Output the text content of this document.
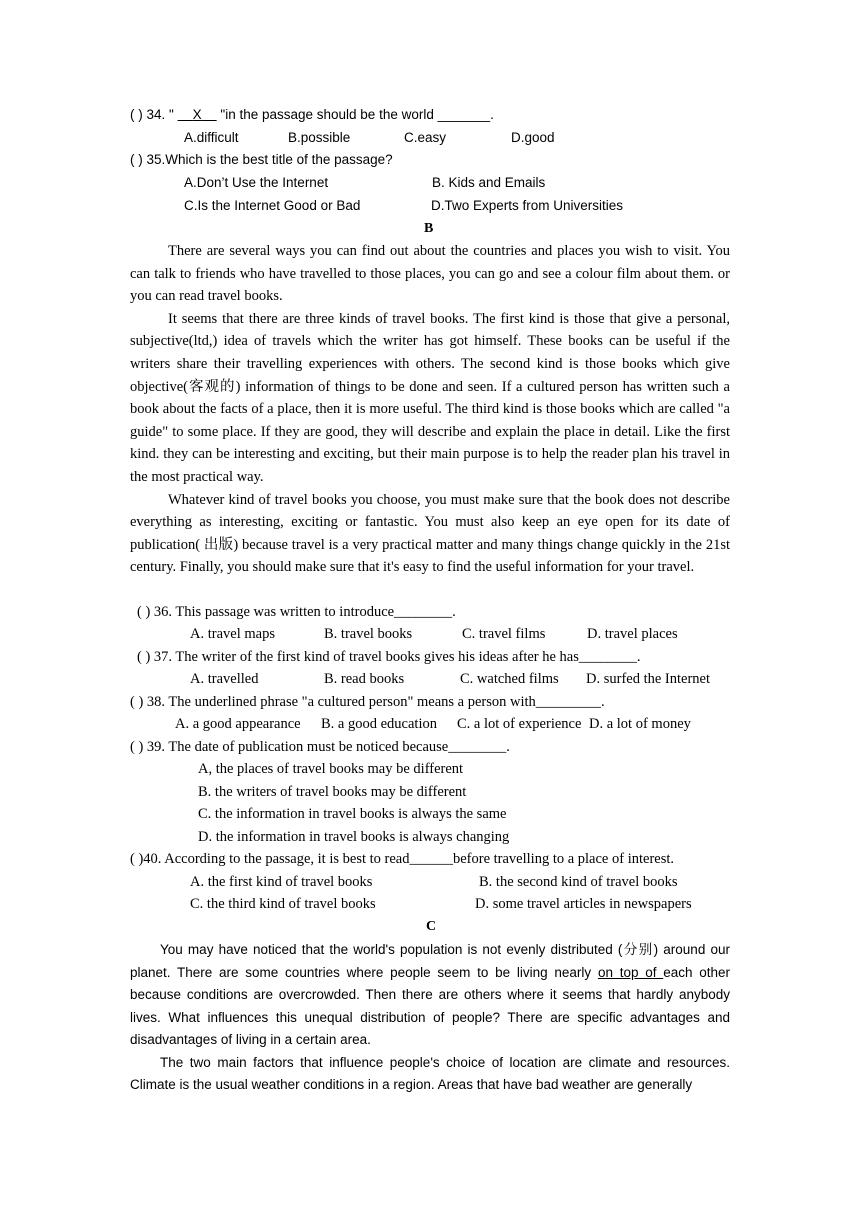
( ) 34. " X "in the passage should be the world _______.
A.difficult	B.possible	C.easy	D.good
( ) 35.Which is the best title of the passage?
A.Don’t Use the Internet	B. Kids and Emails
C.Is the Internet Good or Bad	D.Two Experts from Universities
B

There are several ways you can find out about the countries and places you wish to visit. You can talk to friends who have travelled to those places, you can go and see a colour film about them. or you can read travel books.

It seems that there are three kinds of travel books. The first kind is those that give a personal, subjective(ltd,) idea of travels which the writer has got himself. These books can be useful if the writers share their travelling experiences with others. The second kind is those books which give objective(客观的) information of things to be done and seen. If a cultured person has written such a book about the facts of a place, then it is more useful. The third kind is those books which are called "a guide" to some place. If they are good, they will describe and explain the place in detail. Like the first kind. they can be interesting and exciting, but their main purpose is to help the reader plan his travel in the most practical way.

Whatever kind of travel books you choose, you must make sure that the book does not describe everything as interesting, exciting or fantastic. You must also keep an eye open for its date of publication( 出版) because travel is a very practical matter and many things change quickly in the 21st century. Finally, you should make sure that it's easy to find the useful information for your travel.

( ) 36. This passage was written to introduce________.
A. travel maps	B. travel books	C. travel films	D. travel places
( ) 37. The writer of the first kind of travel books gives his ideas after he has________.
A. travelled	B. read books	C. watched films D. surfed the Internet
( ) 38. The underlined phrase "a cultured person" means a person with_________.
A. a good appearance B. a good education C. a lot of experience D. a lot of money
( ) 39. The date of publication must be noticed because________.
A, the places of travel books may be different
B. the writers of travel books may be different
C. the information in travel books is always the same
D. the information in travel books is always changing
( )40. According to the passage, it is best to read______before travelling to a place of interest.
A. the first kind of travel books	B. the second kind of travel books
C. the third kind of travel books	D. some travel articles in newspapers
C

You may have noticed that the world's population is not evenly distributed (分别) around our planet. There are some countries where people seem to be living nearly on top of each other because conditions are overcrowded. Then there are others where it seems that hardly anybody lives. What influences this unequal distribution of people? There are specific advantages and disadvantages of living in a certain area.

The two main factors that influence people's choice of location are climate and resources. Climate is the usual weather conditions in a region. Areas that have bad weather are generally
